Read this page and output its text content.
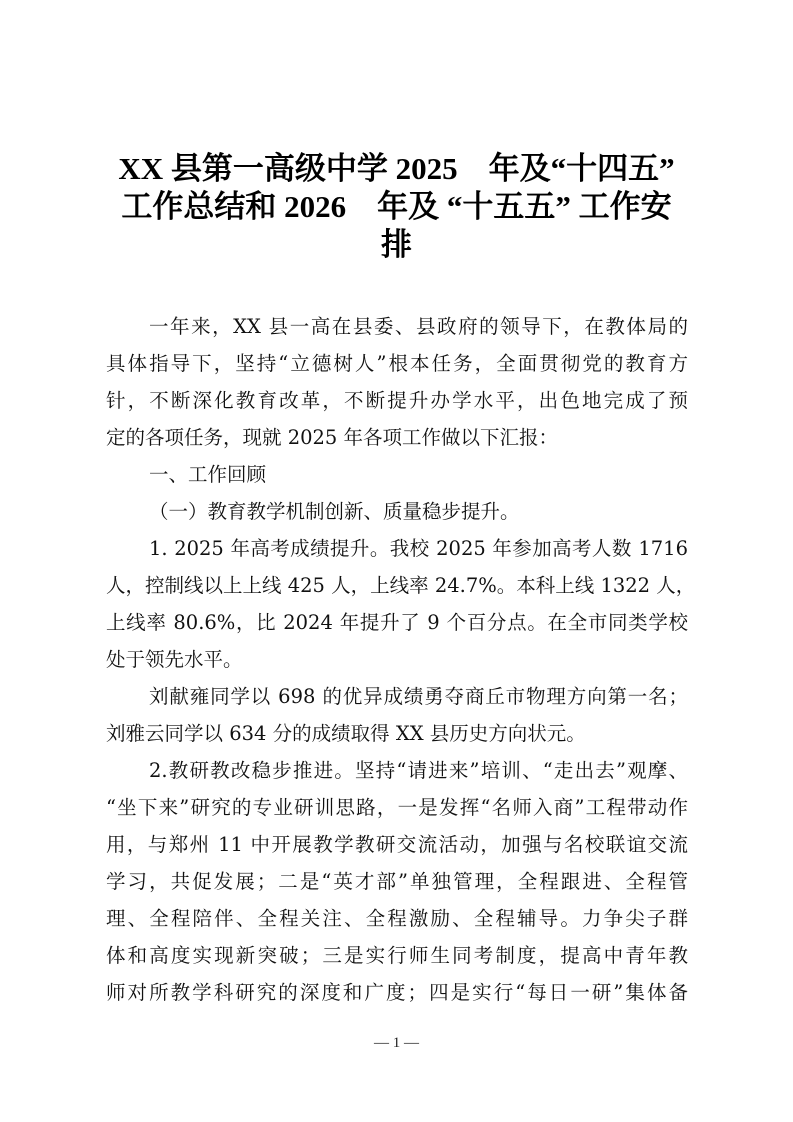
XX 县第一高级中学 2025　年及“十四五”
工作总结和 2026　年及 “十五五” 工作安
排
一年来，XX 县一高在县委、县政府的领导下，在教体局的
具体指导下，坚持“立德树人”根本任务，全面贯彻党的教育方
针，不断深化教育改革，不断提升办学水平，出色地完成了预
定的各项任务，现就 2025 年各项工作做以下汇报：
一、工作回顾
（一）教育教学机制创新、质量稳步提升。
1. 2025 年高考成绩提升。我校 2025 年参加高考人数 1716
人，控制线以上上线 425 人，上线率 24.7%。本科上线 1322 人，
上线率 80.6%，比 2024 年提升了 9 个百分点。在全市同类学校
处于领先水平。
刘献雍同学以 698 的优异成绩勇夺商丘市物理方向第一名；
刘雅云同学以 634 分的成绩取得 XX 县历史方向状元。
2.教研教改稳步推进。坚持“请进来”培训、“走出去”观摩、
“坐下来”研究的专业研训思路，一是发挥“名师入商”工程带动作
用，与郑州 11 中开展教学教研交流活动，加强与名校联谊交流
学习，共促发展；二是“英才部”单独管理，全程跟进、全程管
理、全程陪伴、全程关注、全程激励、全程辅导。力争尖子群
体和高度实现新突破；三是实行师生同考制度，提高中青年教
师对所教学科研究的深度和广度；四是实行“每日一研”集体备
— 1 —
